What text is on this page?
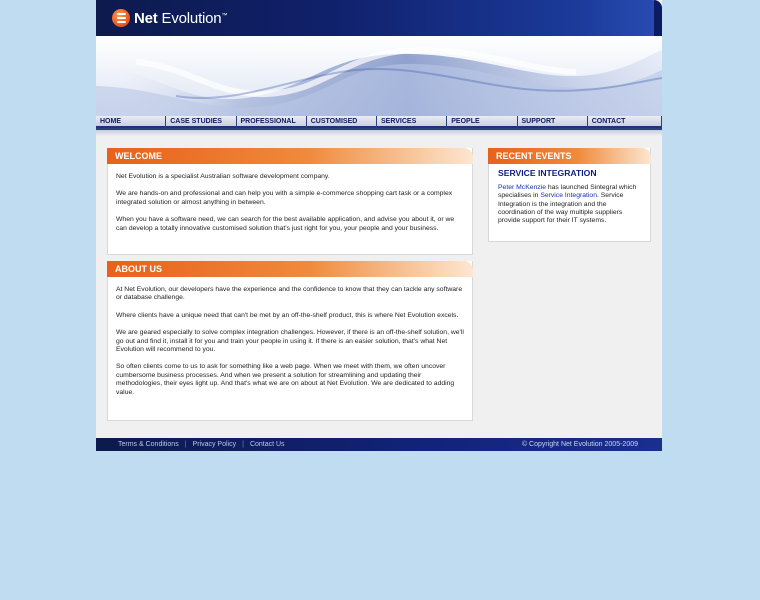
Net Evolution™
HOME	CASE STUDIES	PROFESSIONAL	CUSTOMISED	SERVICES	PEOPLE	SUPPORT	CONTACT
WELCOME

Net Evolution is a specialist Australian software development company.

We are hands-on and professional and can help you with a simple e-commerce shopping cart task or a complex integrated solution or almost anything in between.

When you have a software need, we can search for the best available application, and advise you about it, or we can develop a totally innovative customised solution that's just right for you, your people and your business.

ABOUT US

At Net Evolution, our developers have the experience and the confidence to know that they can tackle any software or database challenge.

Where clients have a unique need that can't be met by an off-the-shelf product, this is where Net Evolution excels.

We are geared especially to solve complex integration challenges. However, if there is an off-the-shelf solution, we'll go out and find it, install it for you and train your people in using it. If there is an easier solution, that's what Net Evolution will recommend to you.

So often clients come to us to ask for something like a web page. When we meet with them, we often uncover cumbersome business processes. And when we present a solution for streamlining and updating their methodologies, their eyes light up. And that's what we are on about at Net Evolution. We are dedicated to adding value.

RECENT EVENTS
SERVICE INTEGRATION
Peter McKenzie has launched Sintegral which specialises in Service Integration. Service Integration is the integration and the coordination of the way multiple suppliers provide support for their IT systems.
Terms & Conditions | Privacy Policy | Contact Us	© Copyright Net Evolution 2005-2009
